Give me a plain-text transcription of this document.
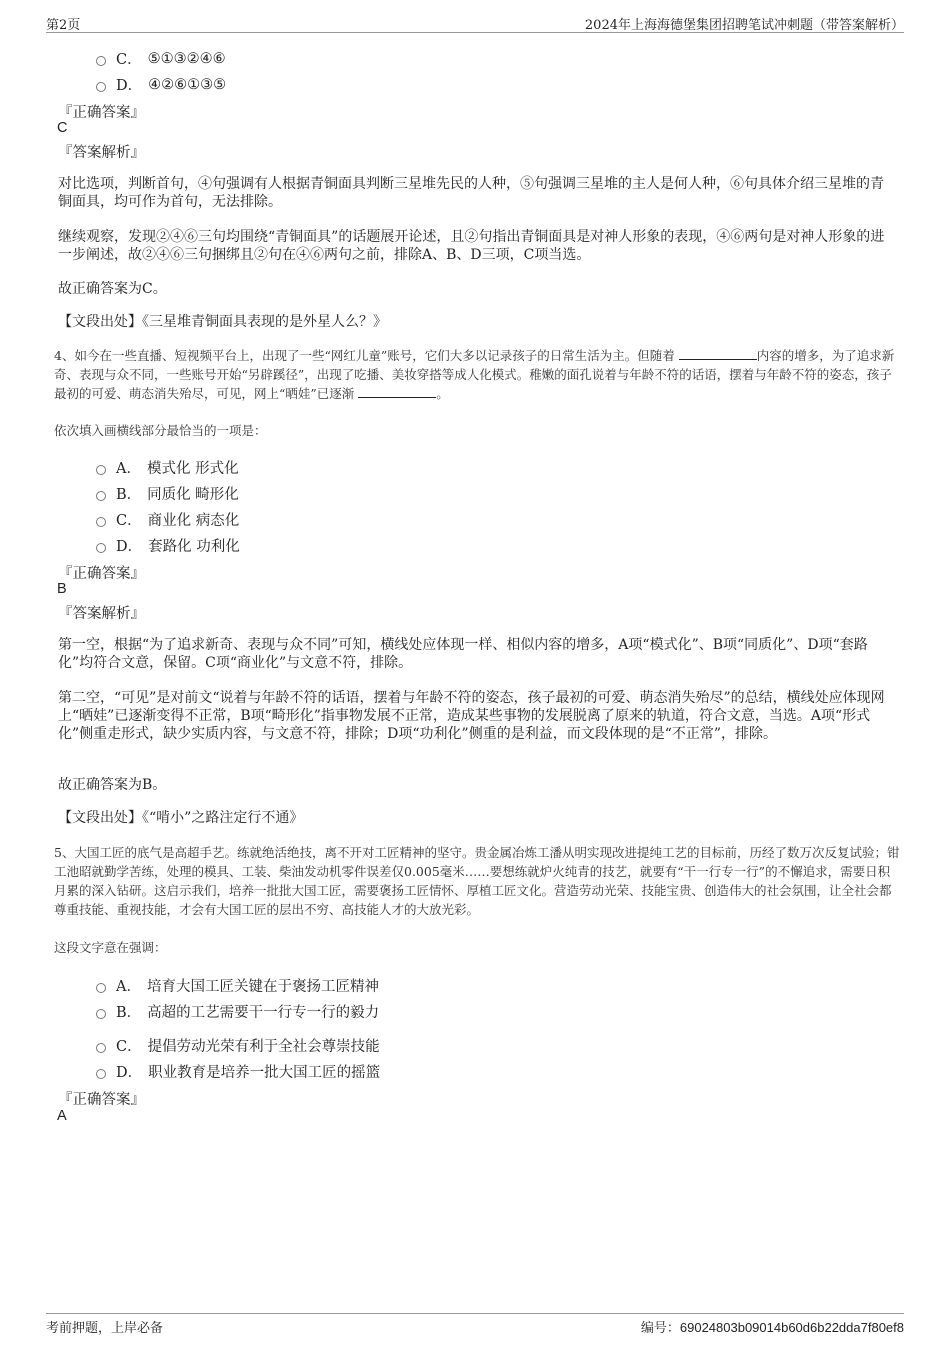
第2页	2024年上海海德堡集团招聘笔试冲刺题（带答案解析）
C． ⑤①③②④⑥
D． ④②⑥①③⑤
『正确答案』
C
『答案解析』
对比选项，判断首句，④句强调有人根据青铜面具判断三星堆先民的人种，⑤句强调三星堆的主人是何人种，⑥句具体介绍三星堆的青铜面具，均可作为首句，无法排除。
继续观察，发现②④⑥三句均围绕“青铜面具”的话题展开论述，且②句指出青铜面具是对神人形象的表现，④⑥两句是对神人形象的进一步阐述，故②④⑥三句捆绑且②句在④⑥两句之前，排除A、B、D三项，C项当选。
故正确答案为C。
【文段出处】《三星堆青铜面具表现的是外星人么？》
4、如今在一些直播、短视频平台上，出现了一些“网红儿童”账号，它们大多以记录孩子的日常生活为主。但随着	内容的增多，为了追求新奇、表现与众不同，一些账号开始“另辟蹊径”，出现了吃播、美妆穿搭等成人化模式。稚嫩的面孔说着与年龄不符的话语，摆着与年龄不符的姿态，孩子最初的可爱、萌态消失殆尽，可见，网上“晒娃”已逐渐	。
依次填入画横线部分最恰当的一项是：
A． 模式化 形式化
B． 同质化 畸形化
C． 商业化 病态化
D． 套路化 功利化
『正确答案』
B
『答案解析』
第一空，根据“为了追求新奇、表现与众不同”可知，横线处应体现一样、相似内容的增多，A项“模式化”、B项“同质化”、D项“套路化”均符合文意，保留。C项“商业化”与文意不符，排除。
第二空，“可见”是对前文“说着与年龄不符的话语，摆着与年龄不符的姿态，孩子最初的可爱、萌态消失殆尽”的总结，横线处应体现网上“晒娃”已逐渐变得不正常，B项“畸形化”指事物发展不正常，造成某些事物的发展脱离了原来的轨道，符合文意，当选。A项“形式化”侧重走形式，缺少实质内容，与文意不符，排除；D项“功利化”侧重的是利益，而文段体现的是“不正常”，排除。
故正确答案为B。
【文段出处】《“啃小”之路注定行不通》
5、大国工匠的底气是高超手艺。练就绝活绝技，离不开对工匠精神的坚守。贵金属冶炼工潘从明实现改进提纯工艺的目标前，历经了数万次反复试验；钳工池昭就勤学苦练，处理的模具、工装、柴油发动机零件误差仅0.005毫米……要想练就炉火纯青的技艺，就要有“干一行专一行”的不懈追求，需要日积月累的深入钻研。这启示我们，培养一批批大国工匠，需要褒扬工匠情怀、厚植工匠文化。营造劳动光荣、技能宝贵、创造伟大的社会氛围，让全社会都尊重技能、重视技能，才会有大国工匠的层出不穷、高技能人才的大放光彩。
这段文字意在强调：
A． 培育大国工匠关键在于褒扬工匠精神
B． 高超的工艺需要干一行专一行的毅力
C． 提倡劳动光荣有利于全社会尊崇技能
D． 职业教育是培养一批大国工匠的摇篮
『正确答案』
A
考前押题，上岸必备	编号：69024803b09014b60d6b22dda7f80ef8
